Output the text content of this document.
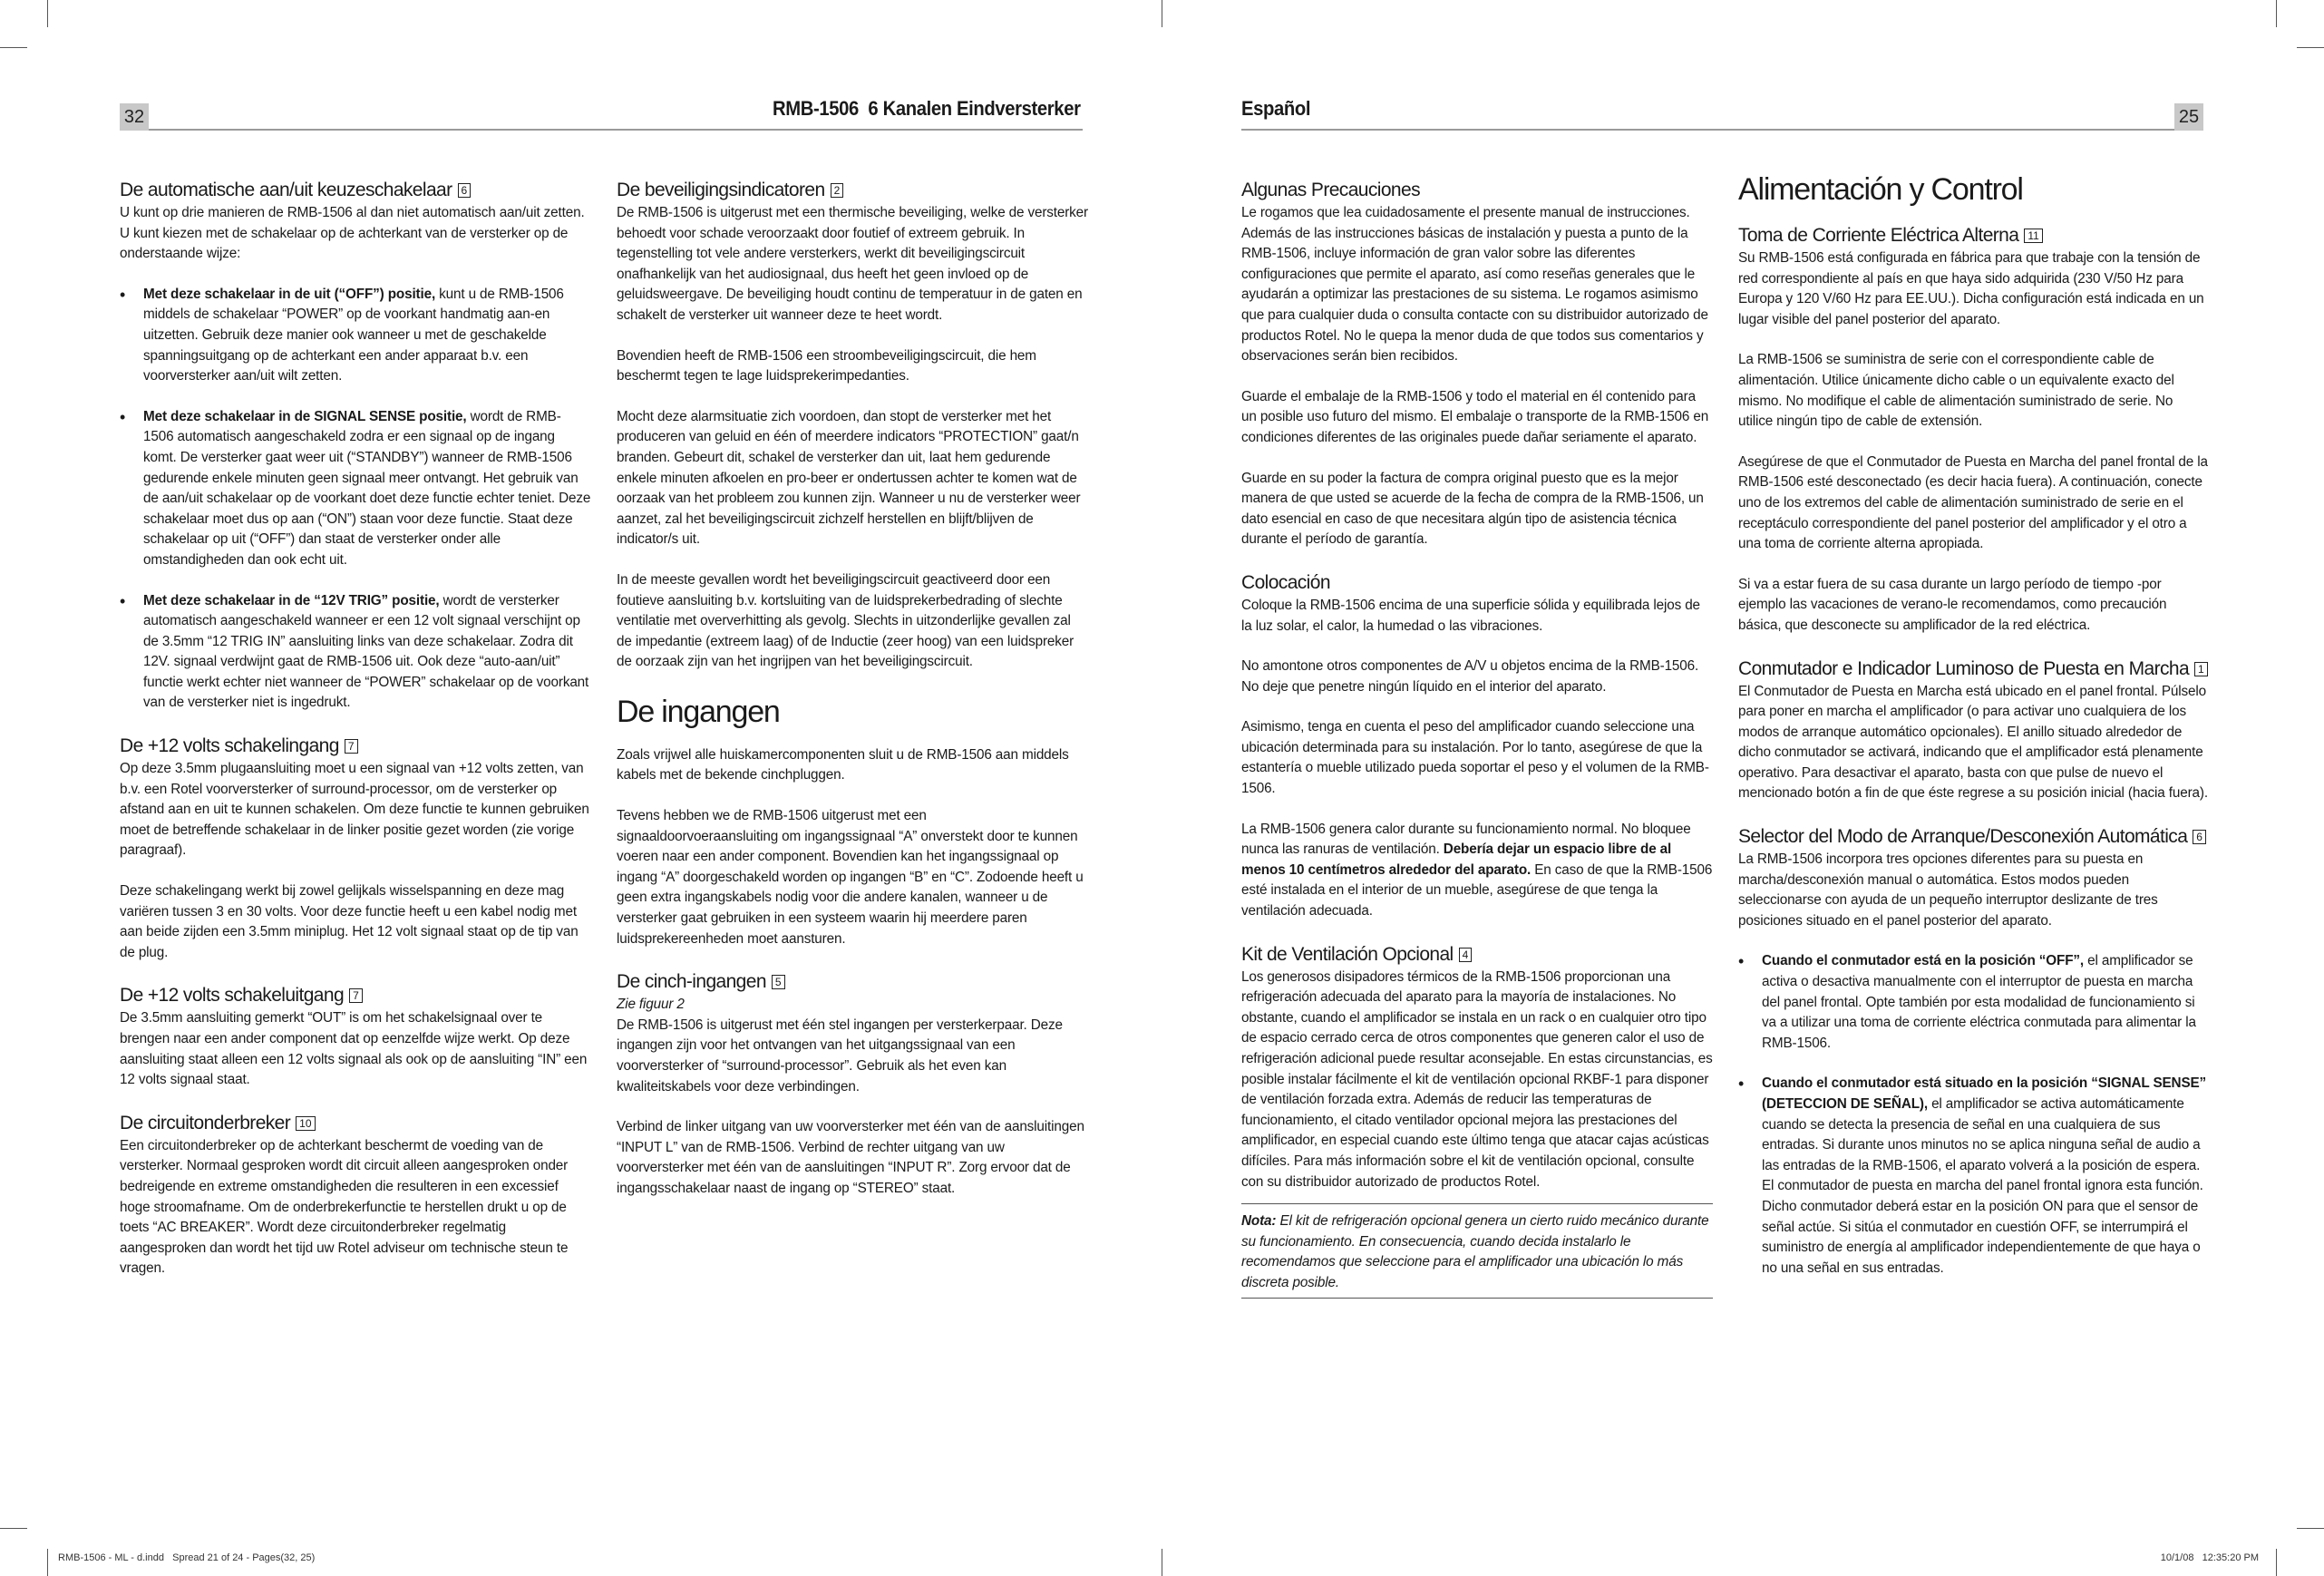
32	RMB-1506  6 Kanalen Eindversterker	Español	25
De automatische aan/uit keuzeschakelaar 6

U kunt op drie manieren de RMB-1506 al dan niet automatisch aan/uit zetten. U kunt kiezen met de schakelaar op de achterkant van de versterker op de onderstaande wijze:

• Met deze schakelaar in de uit (“OFF”) positie, kunt u de RMB-1506 middels de schakelaar “POWER” op de voorkant handmatig aan-en uitzetten. Gebruik deze manier ook wanneer u met de geschakelde spanningsuitgang op de achterkant een ander apparaat b.v. een voorversterker aan/uit wilt zetten.
• Met deze schakelaar in de SIGNAL SENSE positie, wordt de RMB-1506 automatisch aangeschakeld zodra er een signaal op de ingang komt. De versterker gaat weer uit (“STANDBY”) wanneer de RMB-1506 gedurende enkele minuten geen signaal meer ontvangt. Het gebruik van de aan/uit schakelaar op de voorkant doet deze functie echter teniet. Deze schakelaar moet dus op aan (“ON”) staan voor deze functie. Staat deze schakelaar op uit (“OFF”) dan staat de versterker onder alle omstandigheden dan ook echt uit.
• Met deze schakelaar in de “12V TRIG” positie, wordt de versterker automatisch aangeschakeld wanneer er een 12 volt signaal verschijnt op de 3.5mm “12 TRIG IN” aansluiting links van deze schakelaar. Zodra dit 12V. signaal verdwijnt gaat de RMB-1506 uit. Ook deze “auto-aan/uit” functie werkt echter niet wanneer de “POWER” schakelaar op de voorkant van de versterker niet is ingedrukt.
De +12 volts schakelingang 7

Op deze 3.5mm plugaansluiting moet u een signaal van +12 volts zetten, van b.v. een Rotel voorversterker of surround-processor, om de versterker op afstand aan en uit te kunnen schakelen. Om deze functie te kunnen gebruiken moet de betreffende schakelaar in de linker positie gezet worden (zie vorige paragraaf).

Deze schakelingang werkt bij zowel gelijkals wisselspanning en deze mag variëren tussen 3 en 30 volts. Voor deze functie heeft u een kabel nodig met aan beide zijden een 3.5mm miniplug. Het 12 volt signaal staat op de tip van de plug.

De +12 volts schakeluitgang 7

De 3.5mm aansluiting gemerkt “OUT” is om het schakelsignaal over te brengen naar een ander component dat op eenzelfde wijze werkt. Op deze aansluiting staat alleen een 12 volts signaal als ook op de aansluiting “IN” een 12 volts signaal staat.

De circuitonderbreker 10

Een circuitonderbreker op de achterkant beschermt de voeding van de versterker. Normaal gesproken wordt dit circuit alleen aangesproken onder bedreigende en extreme omstandigheden die resulteren in een excessief hoge stroomafname. Om de onderbrekerfunctie te herstellen drukt u op de toets “AC BREAKER”. Wordt deze circuitonderbreker regelmatig aangesproken dan wordt het tijd uw Rotel adviseur om technische steun te vragen.

De beveiligingsindicatoren 2

De RMB-1506 is uitgerust met een thermische beveiliging, welke de versterker behoedt voor schade veroorzaakt door foutief of extreem gebruik. In tegenstelling tot vele andere versterkers, werkt dit beveiligingscircuit onafhankelijk van het audiosignaal, dus heeft het geen invloed op de geluidsweergave. De beveiliging houdt continu de temperatuur in de gaten en schakelt de versterker uit wanneer deze te heet wordt.

Bovendien heeft de RMB-1506 een stroombeveiligingscircuit, die hem beschermt tegen te lage luidsprekerimpedanties.

Mocht deze alarmsituatie zich voordoen, dan stopt de versterker met het produceren van geluid en één of meerdere indicators “PROTECTION” gaat/n branden. Gebeurt dit, schakel de versterker dan uit, laat hem gedurende enkele minuten afkoelen en pro-beer er ondertussen achter te komen wat de oorzaak van het probleem zou kunnen zijn. Wanneer u nu de versterker weer aanzet, zal het beveiligingscircuit zichzelf herstellen en blijft/blijven de indicator/s uit.

In de meeste gevallen wordt het beveiligingscircuit geactiveerd door een foutieve aansluiting b.v. kortsluiting van de luidsprekerbedrading of slechte ventilatie met oververhitting als gevolg. Slechts in uitzonderlijke gevallen zal de impedantie (extreem laag) of de Inductie (zeer hoog) van een luidspreker de oorzaak zijn van het ingrijpen van het beveiligingscircuit.

De ingangen

Zoals vrijwel alle huiskamercomponenten sluit u de RMB-1506 aan middels kabels met de bekende cinchpluggen.

Tevens hebben we de RMB-1506 uitgerust met een signaaldoorvoeraansluiting om ingangssignaal “A” onverstekt door te kunnen voeren naar een ander component. Bovendien kan het ingangssignaal op ingang “A” doorgeschakeld worden op ingangen “B” en “C”. Zodoende heeft u geen extra ingangskabels nodig voor die andere kanalen, wanneer u de versterker gaat gebruiken in een systeem waarin hij meerdere paren luidsprekereenheden moet aansturen.

De cinch-ingangen 5

Zie figuur 2

De RMB-1506 is uitgerust met één stel ingangen per versterkerpaar. Deze ingangen zijn voor het ontvangen van het uitgangssignaal van een voorversterker of “surround-processor”. Gebruik als het even kan kwaliteitskabels voor deze verbindingen.

Verbind de linker uitgang van uw voorversterker met één van de aansluitingen “INPUT L” van de RMB-1506. Verbind de rechter uitgang van uw voorversterker met één van de aansluitingen “INPUT R”. Zorg ervoor dat de ingangsschakelaar naast de ingang op “STEREO” staat.

Algunas Precauciones

Le rogamos que lea cuidadosamente el presente manual de instrucciones. Además de las instrucciones básicas de instalación y puesta a punto de la RMB-1506, incluye información de gran valor sobre las diferentes configuraciones que permite el aparato, así como reseñas generales que le ayudarán a optimizar las prestaciones de su sistema. Le rogamos asimismo que para cualquier duda o consulta contacte con su distribuidor autorizado de productos Rotel. No le quepa la menor duda de que todos sus comentarios y observaciones serán bien recibidos.

Guarde el embalaje de la RMB-1506 y todo el material en él contenido para un posible uso futuro del mismo. El embalaje o transporte de la RMB-1506 en condiciones diferentes de las originales puede dañar seriamente el aparato.

Guarde en su poder la factura de compra original puesto que es la mejor manera de que usted se acuerde de la fecha de compra de la RMB-1506, un dato esencial en caso de que necesitara algún tipo de asistencia técnica durante el período de garantía.

Colocación

Coloque la RMB-1506 encima de una superficie sólida y equilibrada lejos de la luz solar, el calor, la humedad o las vibraciones.

No amontone otros componentes de A/V u objetos encima de la RMB-1506. No deje que penetre ningún líquido en el interior del aparato.

Asimismo, tenga en cuenta el peso del amplificador cuando seleccione una ubicación determinada para su instalación. Por lo tanto, asegúrese de que la estantería o mueble utilizado pueda soportar el peso y el volumen de la RMB-1506.

La RMB-1506 genera calor durante su funcionamiento normal. No bloquee nunca las ranuras de ventilación. Debería dejar un espacio libre de al menos 10 centímetros alrededor del aparato. En caso de que la RMB-1506 esté instalada en el interior de un mueble, asegúrese de que tenga la ventilación adecuada.

Kit de Ventilación Opcional 4

Los generosos disipadores térmicos de la RMB-1506 proporcionan una refrigeración adecuada del aparato para la mayoría de instalaciones. No obstante, cuando el amplificador se instala en un rack o en cualquier otro tipo de espacio cerrado cerca de otros componentes que generen calor el uso de refrigeración adicional puede resultar aconsejable. En estas circunstancias, es posible instalar fácilmente el kit de ventilación opcional RKBF-1 para disponer de ventilación forzada extra. Además de reducir las temperaturas de funcionamiento, el citado ventilador opcional mejora las prestaciones del amplificador, en especial cuando este último tenga que atacar cajas acústicas difíciles. Para más información sobre el kit de ventilación opcional, consulte con su distribuidor autorizado de productos Rotel.

Nota: El kit de refrigeración opcional genera un cierto ruido mecánico durante su funcionamiento. En consecuencia, cuando decida instalarlo le recomendamos que seleccione para el amplificador una ubicación lo más discreta posible.
Alimentación y Control
Toma de Corriente Eléctrica Alterna 11

Su RMB-1506 está configurada en fábrica para que trabaje con la tensión de red correspondiente al país en que haya sido adquirida (230 V/50 Hz para Europa y 120 V/60 Hz para EE.UU.). Dicha configuración está indicada en un lugar visible del panel posterior del aparato.

La RMB-1506 se suministra de serie con el correspondiente cable de alimentación. Utilice únicamente dicho cable o un equivalente exacto del mismo. No modifique el cable de alimentación suministrado de serie. No utilice ningún tipo de cable de extensión.

Asegúrese de que el Conmutador de Puesta en Marcha del panel frontal de la RMB-1506 esté desconectado (es decir hacia fuera). A continuación, conecte uno de los extremos del cable de alimentación suministrado de serie en el receptáculo correspondiente del panel posterior del amplificador y el otro a una toma de corriente alterna apropiada.

Si va a estar fuera de su casa durante un largo período de tiempo -por ejemplo las vacaciones de verano-le recomendamos, como precaución básica, que desconecte su amplificador de la red eléctrica.

Conmutador e Indicador Luminoso de Puesta en Marcha 1

El Conmutador de Puesta en Marcha está ubicado en el panel frontal. Púlselo para poner en marcha el amplificador (o para activar uno cualquiera de los modos de arranque automático opcionales). El anillo situado alrededor de dicho conmutador se activará, indicando que el amplificador está plenamente operativo. Para desactivar el aparato, basta con que pulse de nuevo el mencionado botón a fin de que éste regrese a su posición inicial (hacia fuera).

Selector del Modo de Arranque/Desconexión Automática 6

La RMB-1506 incorpora tres opciones diferentes para su puesta en marcha/desconexión manual o automática. Estos modos pueden seleccionarse con ayuda de un pequeño interruptor deslizante de tres posiciones situado en el panel posterior del aparato.

• Cuando el conmutador está en la posición “OFF”, el amplificador se activa o desactiva manualmente con el interruptor de puesta en marcha del panel frontal. Opte también por esta modalidad de funcionamiento si va a utilizar una toma de corriente eléctrica conmutada para alimentar la RMB-1506.
• Cuando el conmutador está situado en la posición “SIGNAL SENSE” (DETECCION DE SEÑAL), el amplificador se activa automáticamente cuando se detecta la presencia de señal en una cualquiera de sus entradas. Si durante unos minutos no se aplica ninguna señal de audio a las entradas de la RMB-1506, el aparato volverá a la posición de espera. El conmutador de puesta en marcha del panel frontal ignora esta función. Dicho conmutador deberá estar en la posición ON para que el sensor de señal actúe. Si sitúa el conmutador en cuestión OFF, se interrumpirá el suministro de energía al amplificador independientemente de que haya o no una señal en sus entradas.
RMB-1506 - ML - d.indd   Spread 21 of 24 - Pages(32, 25)	10/1/08   12:35:20 PM
